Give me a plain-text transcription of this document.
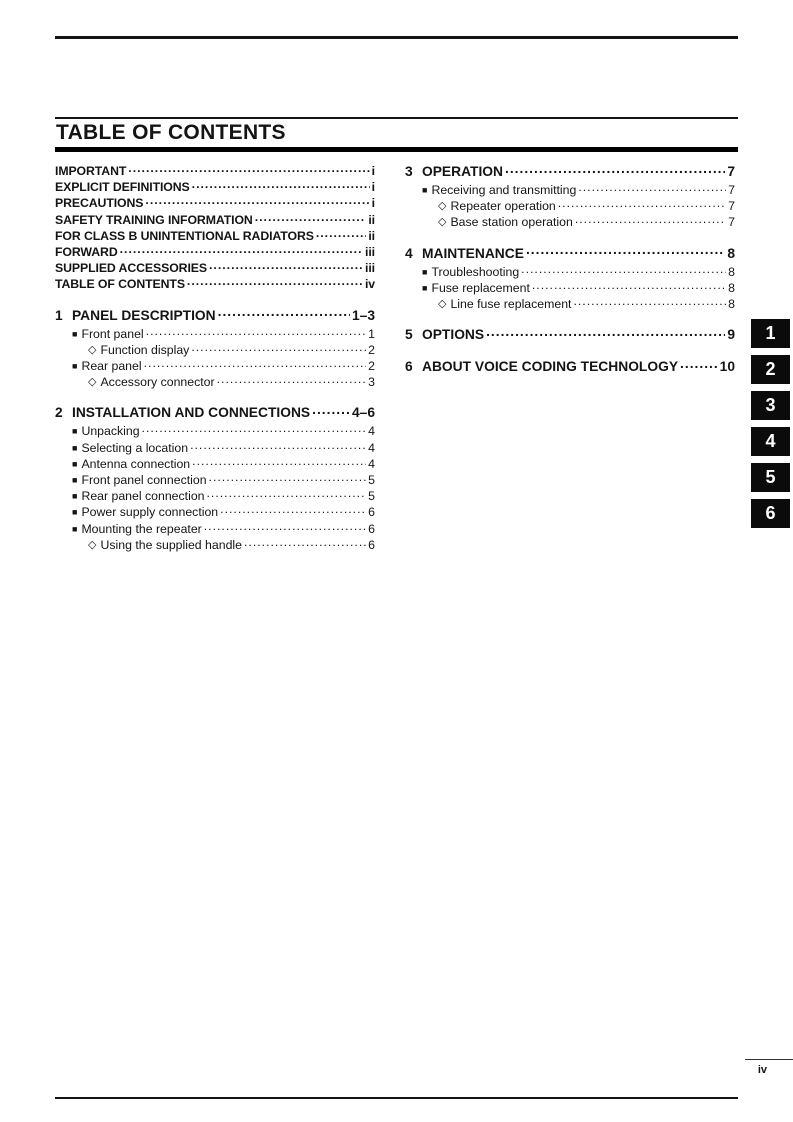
TABLE OF CONTENTS
IMPORTANT .....	i
EXPLICIT DEFINITIONS .....	i
PRECAUTIONS .....	i
SAFETY TRAINING INFORMATION .....	ii
FOR CLASS B UNINTENTIONAL RADIATORS .....	ii
FORWARD .....	iii
SUPPLIED ACCESSORIES .....	iii
TABLE OF CONTENTS .....	iv
1 PANEL DESCRIPTION .....	1–3
■ Front panel .....	1
◇ Function display .....	2
■ Rear panel .....	2
◇ Accessory connector .....	3
2 INSTALLATION AND CONNECTIONS .....	4–6
■ Unpacking .....	4
■ Selecting a location .....	4
■ Antenna connection .....	4
■ Front panel connection .....	5
■ Rear panel connection .....	5
■ Power supply connection .....	6
■ Mounting the repeater .....	6
◇ Using the supplied handle .....	6
3 OPERATION .....	7
■ Receiving and transmitting .....	7
◇ Repeater operation .....	7
◇ Base station operation .....	7
4 MAINTENANCE .....	8
■ Troubleshooting .....	8
■ Fuse replacement .....	8
◇ Line fuse replacement .....	8
5 OPTIONS .....	9
6 ABOUT VOICE CODING TECHNOLOGY .....	10
1
2
3
4
5
6
iv
